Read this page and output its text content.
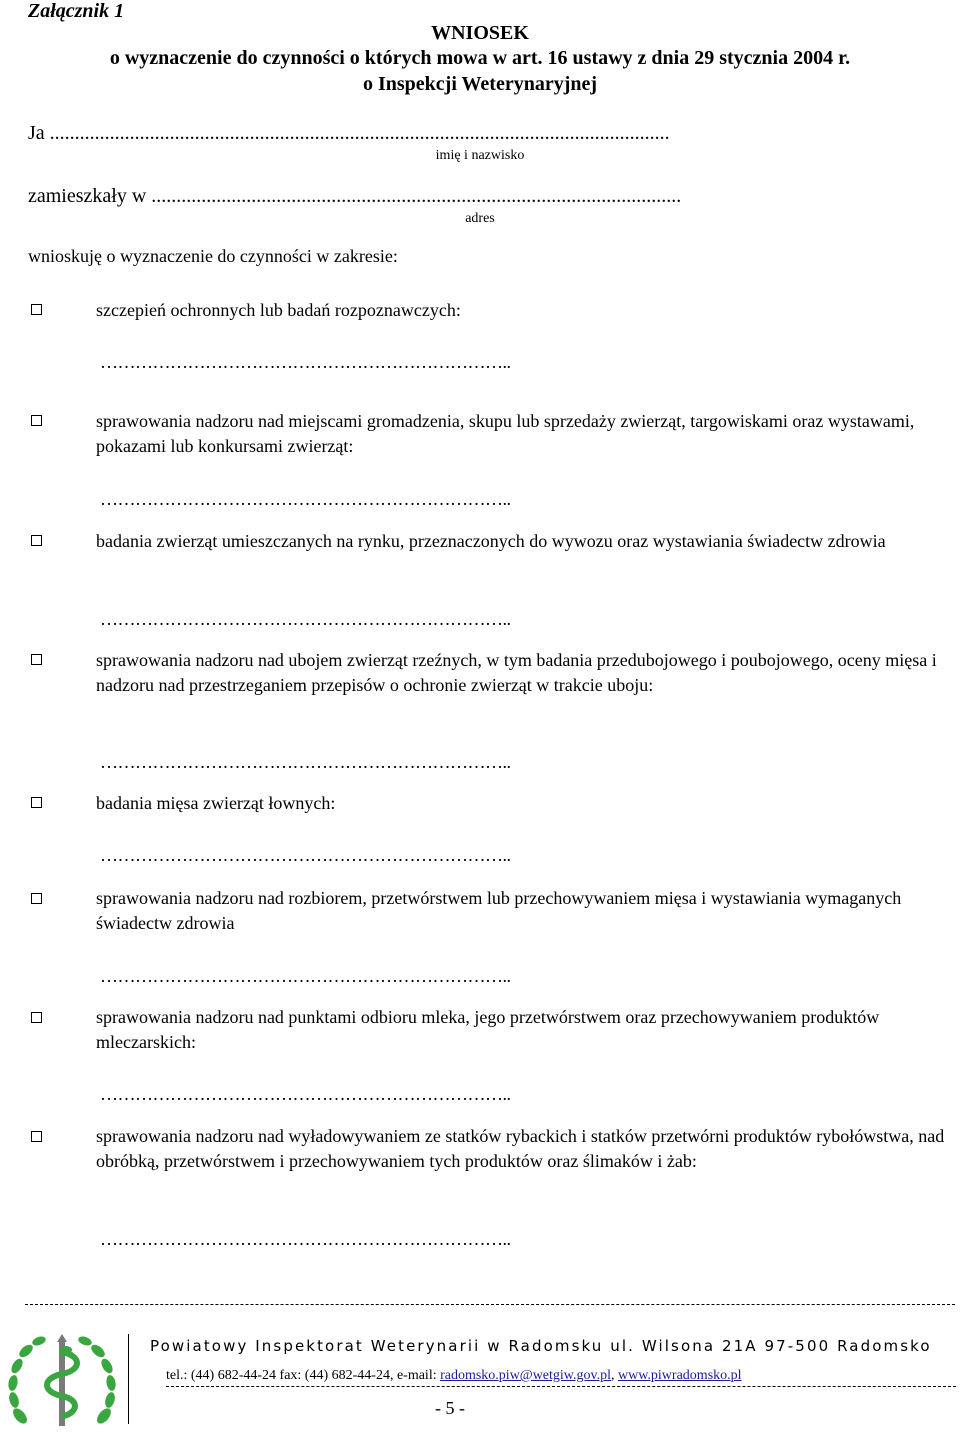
Załącznik 1
WNIOSEK
o wyznaczenie do czynności o których mowa w art. 16 ustawy z dnia 29 stycznia 2004 r.
o Inspekcji Weterynaryjnej
Ja ............................................................................................................................
imię i nazwisko
zamieszkały w ..........................................................................................................
adres
wnioskuję o wyznaczenie do czynności w zakresie:
szczepień ochronnych lub badań rozpoznawczych:
……………………………………………………………..
sprawowania nadzoru nad miejscami gromadzenia, skupu lub sprzedaży zwierząt, targowiskami oraz wystawami, pokazami lub konkursami zwierząt:
……………………………………………………………..
badania zwierząt umieszczanych na rynku, przeznaczonych do wywozu oraz wystawiania świadectw zdrowia
……………………………………………………………..
sprawowania nadzoru nad ubojem zwierząt rzeźnych, w tym badania przedubojowego i poubojowego, oceny mięsa i nadzoru nad przestrzeganiem przepisów o ochronie zwierząt w trakcie uboju:
……………………………………………………………..
badania mięsa zwierząt łownych:
……………………………………………………………..
sprawowania nadzoru nad rozbiorem, przetwórstwem lub przechowywaniem mięsa i wystawiania wymaganych świadectw zdrowia
……………………………………………………………..
sprawowania nadzoru nad punktami odbioru mleka, jego przetwórstwem oraz przechowywaniem produktów mleczarskich:
……………………………………………………………..
sprawowania nadzoru nad wyładowywaniem ze statków rybackich i statków przetwórni produktów rybołówstwa, nad obróbką, przetwórstwem i przechowywaniem tych produktów oraz ślimaków i żab:
……………………………………………………………..
Powiatowy Inspektorat Weterynarii w Radomsku ul. Wilsona 21A 97-500 Radomsko
tel.: (44) 682-44-24 fax: (44) 682-44-24, e-mail: radomsko.piw@wetgiw.gov.pl, www.piwradomsko.pl
- 5 -
